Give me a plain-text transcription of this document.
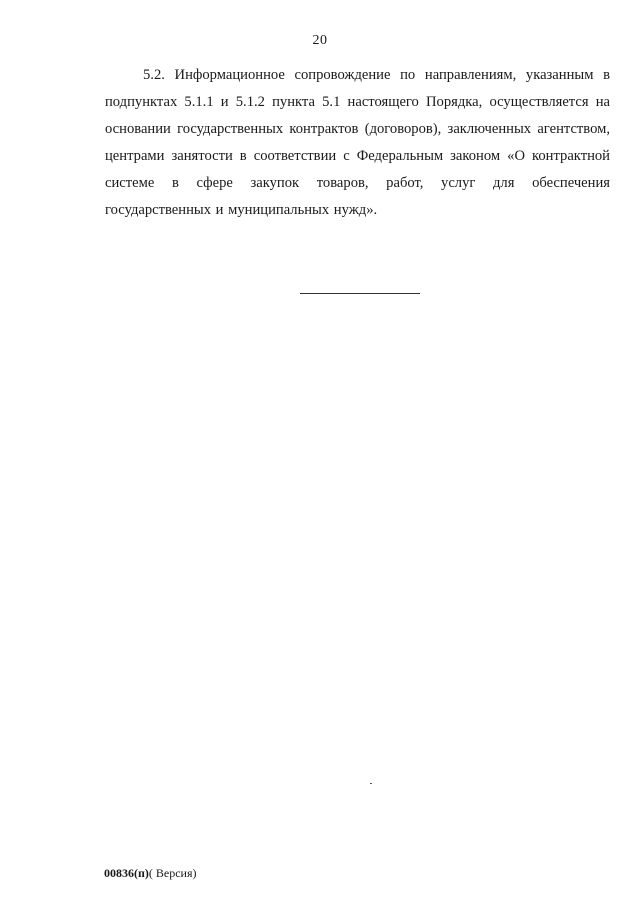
20

5.2. Информационное сопровождение по направлениям, указанным в подпунктах 5.1.1 и 5.1.2 пункта 5.1 настоящего Порядка, осуществляется на основании государственных контрактов (договоров), заключенных агентством, центрами занятости в соответствии с Федеральным законом «О контрактной системе в сфере закупок товаров, работ, услуг для обеспечения государственных и муниципальных нужд».

00836(п)( Версия)
